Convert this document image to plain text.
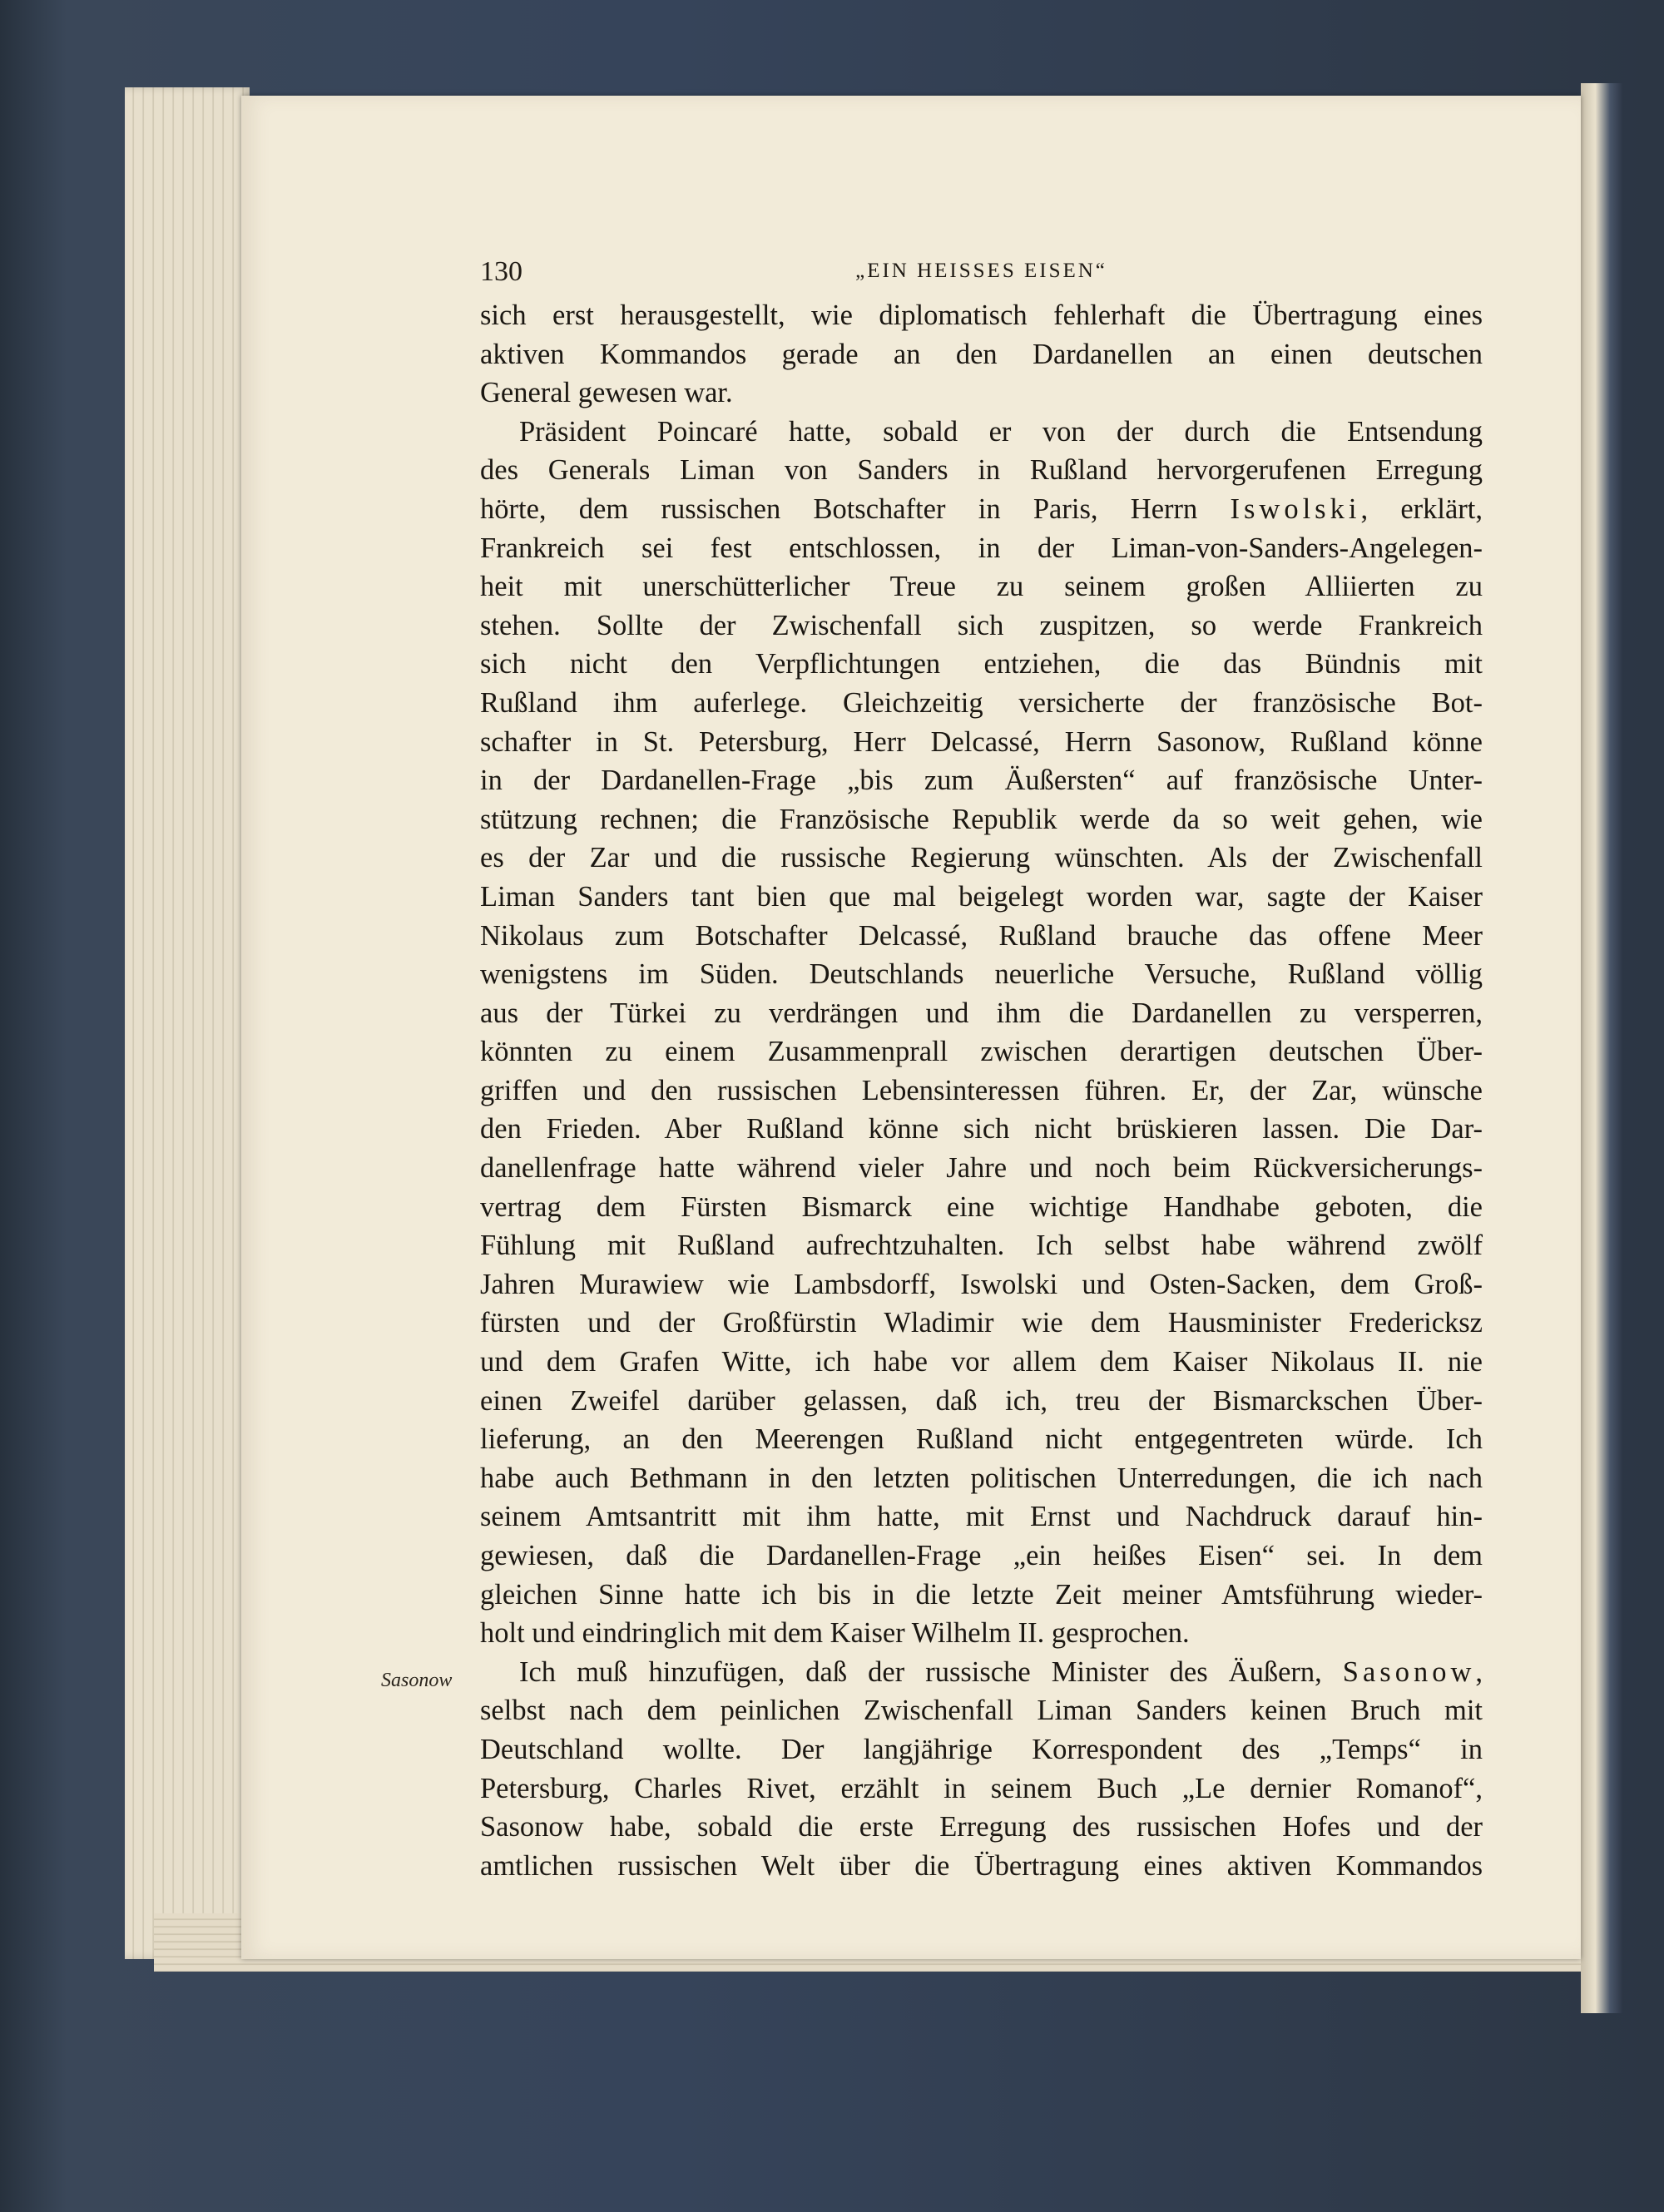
130	„EIN HEISSES EISEN“
Sasonow
sich erst herausgestellt, wie diplomatisch fehlerhaft die Übertragung eines
aktiven Kommandos gerade an den Dardanellen an einen deutschen
General gewesen war.
Präsident Poincaré hatte, sobald er von der durch die Entsendung
des Generals Liman von Sanders in Rußland hervorgerufenen Erregung
hörte, dem russischen Botschafter in Paris, Herrn Iswolski, erklärt,
Frankreich sei fest entschlossen, in der Liman-von-Sanders-Angelegen-
heit mit unerschütterlicher Treue zu seinem großen Alliierten zu
stehen. Sollte der Zwischenfall sich zuspitzen, so werde Frankreich
sich nicht den Verpflichtungen entziehen, die das Bündnis mit
Rußland ihm auferlege. Gleichzeitig versicherte der französische Bot-
schafter in St. Petersburg, Herr Delcassé, Herrn Sasonow, Rußland könne
in der Dardanellen-Frage „bis zum Äußersten“ auf französische Unter-
stützung rechnen; die Französische Republik werde da so weit gehen, wie
es der Zar und die russische Regierung wünschten. Als der Zwischenfall
Liman Sanders tant bien que mal beigelegt worden war, sagte der Kaiser
Nikolaus zum Botschafter Delcassé, Rußland brauche das offene Meer
wenigstens im Süden. Deutschlands neuerliche Versuche, Rußland völlig
aus der Türkei zu verdrängen und ihm die Dardanellen zu versperren,
könnten zu einem Zusammenprall zwischen derartigen deutschen Über-
griffen und den russischen Lebensinteressen führen. Er, der Zar, wünsche
den Frieden. Aber Rußland könne sich nicht brüskieren lassen. Die Dar-
danellenfrage hatte während vieler Jahre und noch beim Rückversicherungs-
vertrag dem Fürsten Bismarck eine wichtige Handhabe geboten, die
Fühlung mit Rußland aufrechtzuhalten. Ich selbst habe während zwölf
Jahren Murawiew wie Lambsdorff, Iswolski und Osten-Sacken, dem Groß-
fürsten und der Großfürstin Wladimir wie dem Hausminister Fredericksz
und dem Grafen Witte, ich habe vor allem dem Kaiser Nikolaus II. nie
einen Zweifel darüber gelassen, daß ich, treu der Bismarckschen Über-
lieferung, an den Meerengen Rußland nicht entgegentreten würde. Ich
habe auch Bethmann in den letzten politischen Unterredungen, die ich nach
seinem Amtsantritt mit ihm hatte, mit Ernst und Nachdruck darauf hin-
gewiesen, daß die Dardanellen-Frage „ein heißes Eisen“ sei. In dem
gleichen Sinne hatte ich bis in die letzte Zeit meiner Amtsführung wieder-
holt und eindringlich mit dem Kaiser Wilhelm II. gesprochen.
Ich muß hinzufügen, daß der russische Minister des Äußern, Sasonow,
selbst nach dem peinlichen Zwischenfall Liman Sanders keinen Bruch mit
Deutschland wollte. Der langjährige Korrespondent des „Temps“ in
Petersburg, Charles Rivet, erzählt in seinem Buch „Le dernier Romanof“,
Sasonow habe, sobald die erste Erregung des russischen Hofes und der
amtlichen russischen Welt über die Übertragung eines aktiven Kommandos
